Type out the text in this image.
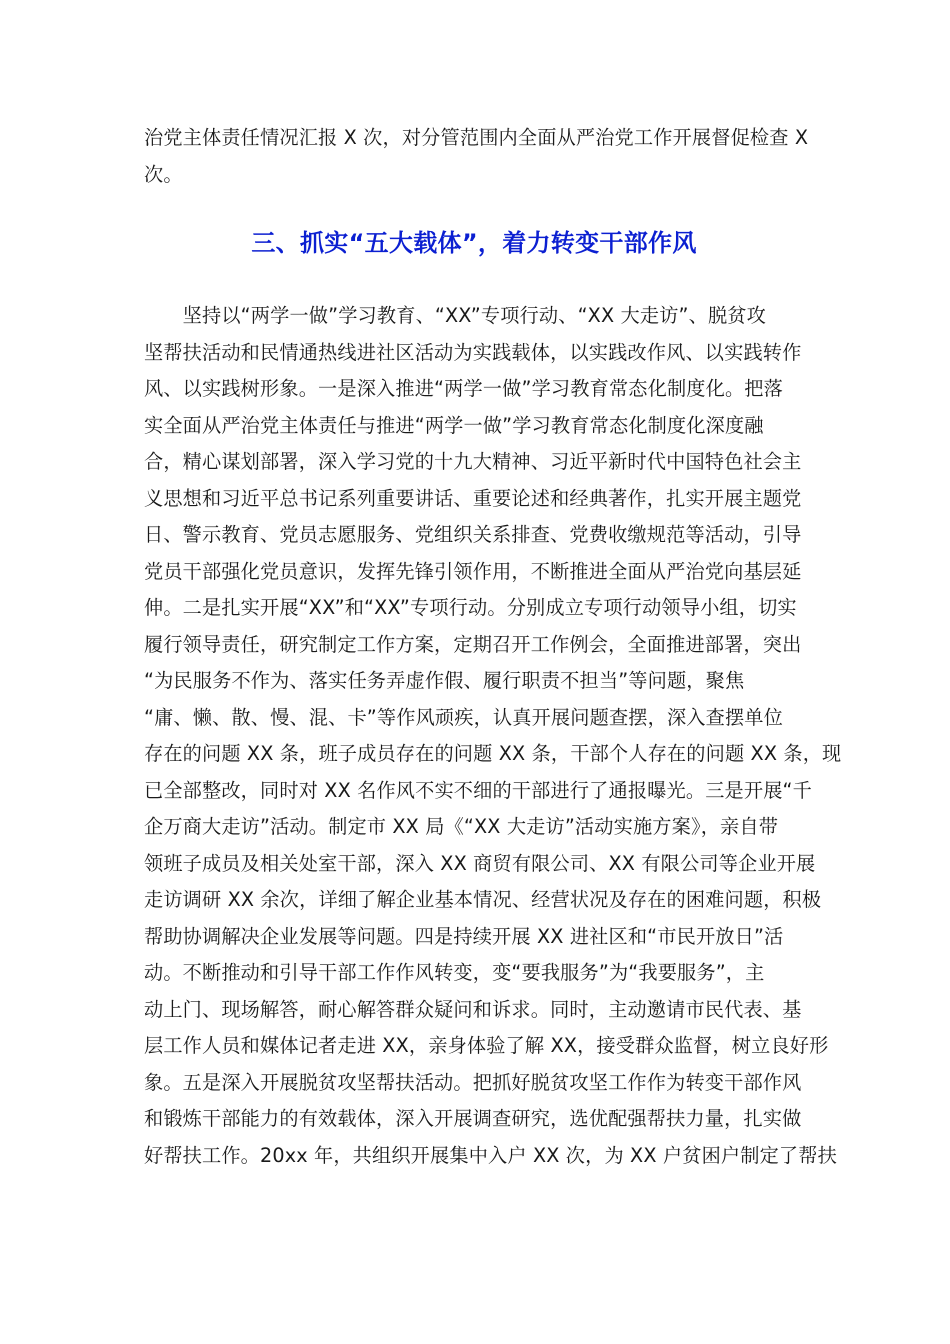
治党主体责任情况汇报 X 次，对分管范围内全面从严治党工作开展督促检查 X
次。
三、抓实“五大载体”，着力转变干部作风
　　坚持以“两学一做”学习教育、“XX”专项行动、“XX 大走访”、脱贫攻
坚帮扶活动和民情通热线进社区活动为实践载体，以实践改作风、以实践转作
风、以实践树形象。一是深入推进“两学一做”学习教育常态化制度化。把落
实全面从严治党主体责任与推进“两学一做”学习教育常态化制度化深度融
合，精心谋划部署，深入学习党的十九大精神、习近平新时代中国特色社会主
义思想和习近平总书记系列重要讲话、重要论述和经典著作，扎实开展主题党
日、警示教育、党员志愿服务、党组织关系排查、党费收缴规范等活动，引导
党员干部强化党员意识，发挥先锋引领作用，不断推进全面从严治党向基层延
伸。二是扎实开展“XX”和“XX”专项行动。分别成立专项行动领导小组，切实
履行领导责任，研究制定工作方案，定期召开工作例会，全面推进部署，突出
“为民服务不作为、落实任务弄虚作假、履行职责不担当”等问题，聚焦
“庸、懒、散、慢、混、卡”等作风顽疾，认真开展问题查摆，深入查摆单位
存在的问题 XX 条，班子成员存在的问题 XX 条，干部个人存在的问题 XX 条，现
已全部整改，同时对 XX 名作风不实不细的干部进行了通报曝光。三是开展“千
企万商大走访”活动。制定市 XX 局《“XX 大走访”活动实施方案》，亲自带
领班子成员及相关处室干部，深入 XX 商贸有限公司、XX 有限公司等企业开展
走访调研 XX 余次，详细了解企业基本情况、经营状况及存在的困难问题，积极
帮助协调解决企业发展等问题。四是持续开展 XX 进社区和“市民开放日”活
动。不断推动和引导干部工作作风转变，变“要我服务”为“我要服务”，主
动上门、现场解答，耐心解答群众疑问和诉求。同时，主动邀请市民代表、基
层工作人员和媒体记者走进 XX，亲身体验了解 XX，接受群众监督，树立良好形
象。五是深入开展脱贫攻坚帮扶活动。把抓好脱贫攻坚工作作为转变干部作风
和锻炼干部能力的有效载体，深入开展调查研究，选优配强帮扶力量，扎实做
好帮扶工作。20xx 年，共组织开展集中入户 XX 次，为 XX 户贫困户制定了帮扶
